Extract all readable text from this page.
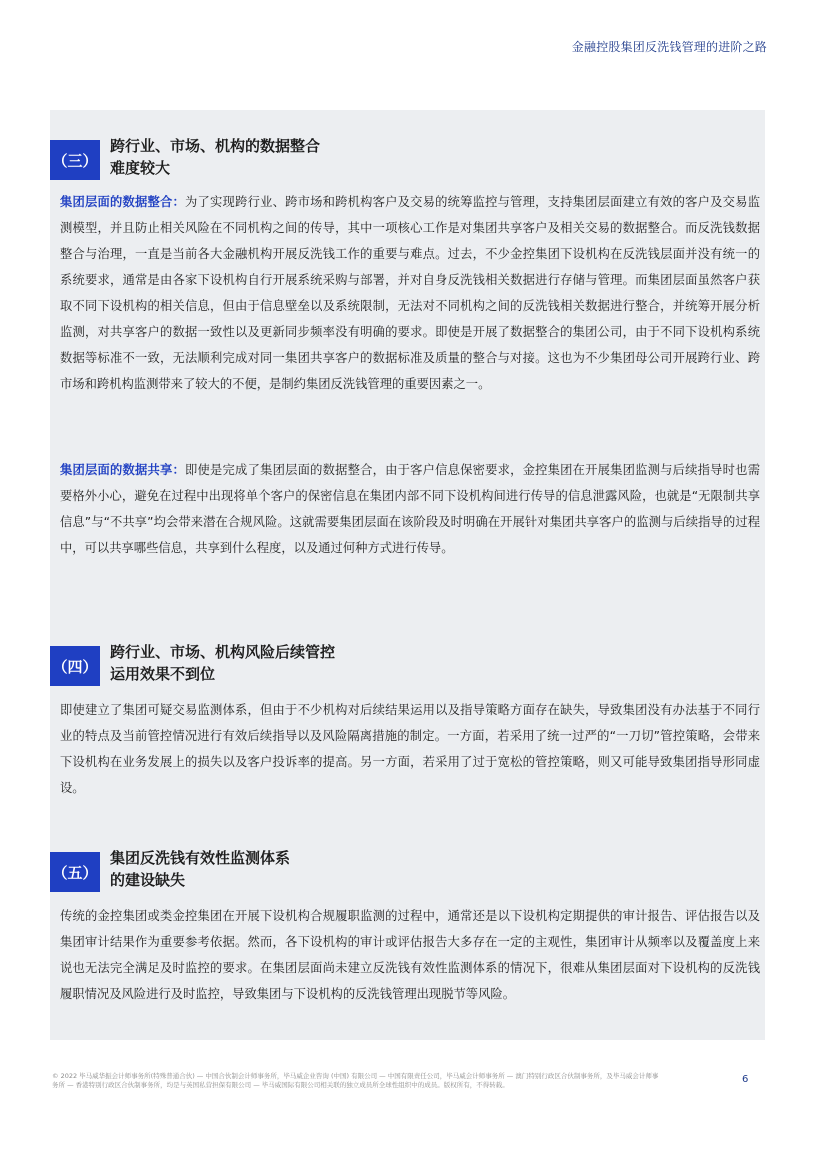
金融控股集团反洗钱管理的进阶之路
（三）
跨行业、市场、机构的数据整合
难度较大

集团层面的数据整合：为了实现跨行业、跨市场和跨机构客户及交易的统筹监控与管理，支持集团层面建立有效的客户及交易监测模型，并且防止相关风险在不同机构之间的传导，其中一项核心工作是对集团共享客户及相关交易的数据整合。而反洗钱数据整合与治理，一直是当前各大金融机构开展反洗钱工作的重要与难点。过去，不少金控集团下设机构在反洗钱层面并没有统一的系统要求，通常是由各家下设机构自行开展系统采购与部署，并对自身反洗钱相关数据进行存储与管理。而集团层面虽然客户获取不同下设机构的相关信息，但由于信息壁垒以及系统限制，无法对不同机构之间的反洗钱相关数据进行整合，并统筹开展分析监测，对共享客户的数据一致性以及更新同步频率没有明确的要求。即使是开展了数据整合的集团公司，由于不同下设机构系统数据等标准不一致，无法顺利完成对同一集团共享客户的数据标准及质量的整合与对接。这也为不少集团母公司开展跨行业、跨市场和跨机构监测带来了较大的不便，是制约集团反洗钱管理的重要因素之一。

集团层面的数据共享：即使是完成了集团层面的数据整合，由于客户信息保密要求，金控集团在开展集团监测与后续指导时也需要格外小心，避免在过程中出现将单个客户的保密信息在集团内部不同下设机构间进行传导的信息泄露风险，也就是“无限制共享信息”与“不共享”均会带来潜在合规风险。这就需要集团层面在该阶段及时明确在开展针对集团共享客户的监测与后续指导的过程中，可以共享哪些信息，共享到什么程度，以及通过何种方式进行传导。

（四）
跨行业、市场、机构风险后续管控
运用效果不到位

即使建立了集团可疑交易监测体系，但由于不少机构对后续结果运用以及指导策略方面存在缺失，导致集团没有办法基于不同行业的特点及当前管控情况进行有效后续指导以及风险隔离措施的制定。一方面，若采用了统一过严的“一刀切”管控策略，会带来下设机构在业务发展上的损失以及客户投诉率的提高。另一方面，若采用了过于宽松的管控策略，则又可能导致集团指导形同虚设。

（五）
集团反洗钱有效性监测体系
的建设缺失

传统的金控集团或类金控集团在开展下设机构合规履职监测的过程中，通常还是以下设机构定期提供的审计报告、评估报告以及集团审计结果作为重要参考依据。然而，各下设机构的审计或评估报告大多存在一定的主观性，集团审计从频率以及覆盖度上来说也无法完全满足及时监控的要求。在集团层面尚未建立反洗钱有效性监测体系的情况下，很难从集团层面对下设机构的反洗钱履职情况及风险进行及时监控，导致集团与下设机构的反洗钱管理出现脱节等风险。

© 2022 毕马威华振会计师事务所(特殊普通合伙) — 中国合伙制会计师事务所，毕马威企业咨询 (中国) 有限公司 — 中国有限责任公司，毕马威会计师事务所 — 澳门特别行政区合伙制事务所，及毕马威会计师事务所 — 香港特别行政区合伙制事务所，均是与英国私营担保有限公司 — 毕马威国际有限公司相关联的独立成员所全球性组织中的成员。版权所有，不得转载。	6
